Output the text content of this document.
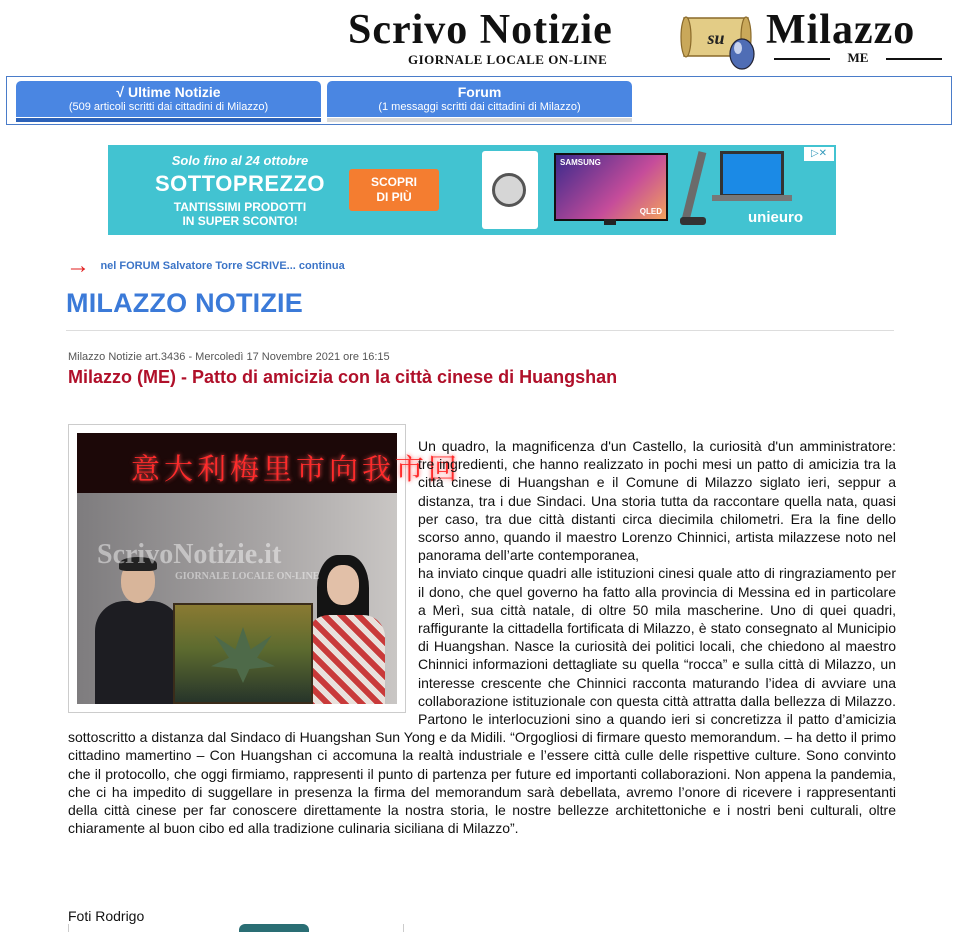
Scrivo Notizie	su Milazzo
GIORNALE LOCALE ON-LINE	ME
√ Ultime Notizie
(509 articoli scritti dai cittadini di Milazzo)
Forum
(1 messaggi scritti dai cittadini di Milazzo)
Solo fino al 24 ottobre
SOTTOPREZZO
TANTISSIMI PRODOTTI
IN SUPER SCONTO!
SCOPRI
DI PIÙ
SAMSUNG
QLED	unieuro
▷✕
→ nel FORUM Salvatore Torre SCRIVE... continua
MILAZZO NOTIZIE
Milazzo Notizie art.3436 - Mercoledì 17 Novembre 2021 ore 16:15
Milazzo (ME) - Patto di amicizia con la città cinese di Huangshan
意大利梅里市向我市回
ScrivoNotizie.it
GIORNALE LOCALE ON-LINE

Un quadro, la magnificenza d'un Castello, la curiosità d'un amministratore: tre ingredienti, che hanno realizzato in pochi mesi un patto di amicizia tra la città cinese di Huangshan e il Comune di Milazzo siglato ieri, seppur a distanza, tra i due Sindaci. Una storia tutta da raccontare quella nata, quasi per caso, tra due città distanti circa diecimila chilometri. Era la fine dello scorso anno, quando il maestro Lorenzo Chinnici, artista milazzese noto nel panorama dell’arte contemporanea,

ha inviato cinque quadri alle istituzioni cinesi quale atto di ringraziamento per il dono, che quel governo ha fatto alla provincia di Messina ed in particolare a Merì, sua città natale, di oltre 50 mila mascherine. Uno di quei quadri, raffigurante la cittadella fortificata di Milazzo, è stato consegnato al Municipio di Huangshan. Nasce la curiosità dei politici locali, che chiedono al maestro Chinnici informazioni dettagliate su quella “rocca” e sulla città di Milazzo, un interesse crescente che Chinnici racconta maturando l’idea di avviare una collaborazione istituzionale con questa città attratta dalla bellezza di Milazzo. Partono le interlocuzioni sino a quando ieri si concretizza il patto d’amicizia sottoscritto a distanza dal Sindaco di Huangshan Sun Yong e da Midili. “Orgogliosi di firmare questo memorandum. – ha detto il primo cittadino mamertino – Con Huangshan ci accomuna la realtà industriale e l’essere città culle delle rispettive culture. Sono convinto che il protocollo, che oggi firmiamo, rappresenti il punto di partenza per future ed importanti collaborazioni. Non appena la pandemia, che ci ha impedito di suggellare in presenza la firma del memorandum sarà debellata, avremo l’onore di ricevere i rappresentanti della città cinese per far conoscere direttamente la nostra storia, le nostre bellezze architettoniche e i nostri beni culturali, oltre chiaramente al buon cibo ed alla tradizione culinaria siciliana di Milazzo”.

Foti Rodrigo
